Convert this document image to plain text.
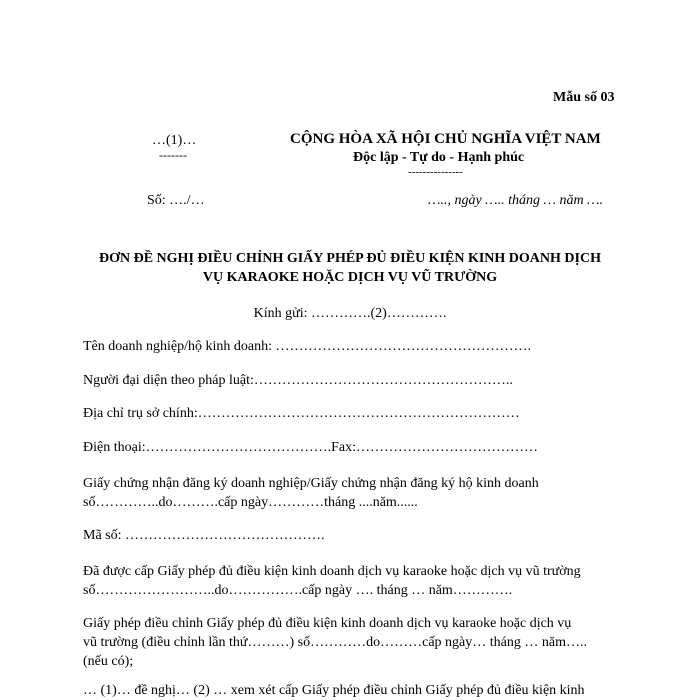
Mẫu số 03
…(1)…
-------
CỘNG HÒA XÃ HỘI CHỦ NGHĨA VIỆT NAM
Độc lập - Tự do - Hạnh phúc
---------------
Số: …./…	….., ngày ….. tháng … năm ….
ĐƠN ĐỀ NGHỊ ĐIỀU CHỈNH GIẤY PHÉP ĐỦ ĐIỀU KIỆN KINH DOANH DỊCH
VỤ KARAOKE HOẶC DỊCH VỤ VŨ TRƯỜNG
Kính gửi: ………….(2)………….
Tên doanh nghiệp/hộ kinh doanh: ……………………………………………….
Người đại diện theo pháp luật:………………………………………………..
Địa chỉ trụ sở chính:……………………………………………………………
Điện thoại:………………………………….Fax:…………………………………
Giấy chứng nhận đăng ký doanh nghiệp/Giấy chứng nhận đăng ký hộ kinh doanh
số…………..do……….cấp ngày…………tháng ....năm......
Mã số: …………………………………….
Đã được cấp Giấy phép đủ điều kiện kinh doanh dịch vụ karaoke hoặc dịch vụ vũ trường
số……………………..do…………….cấp ngày …. tháng … năm………….
Giấy phép điều chỉnh Giấy phép đủ điều kiện kinh doanh dịch vụ karaoke hoặc dịch vụ
vũ trường (điều chỉnh lần thứ………) số…………do………cấp ngày… tháng … năm…..
(nếu có);
… (1)… đề nghị… (2) … xem xét cấp Giấy phép điều chỉnh Giấy phép đủ điều kiện kinh
